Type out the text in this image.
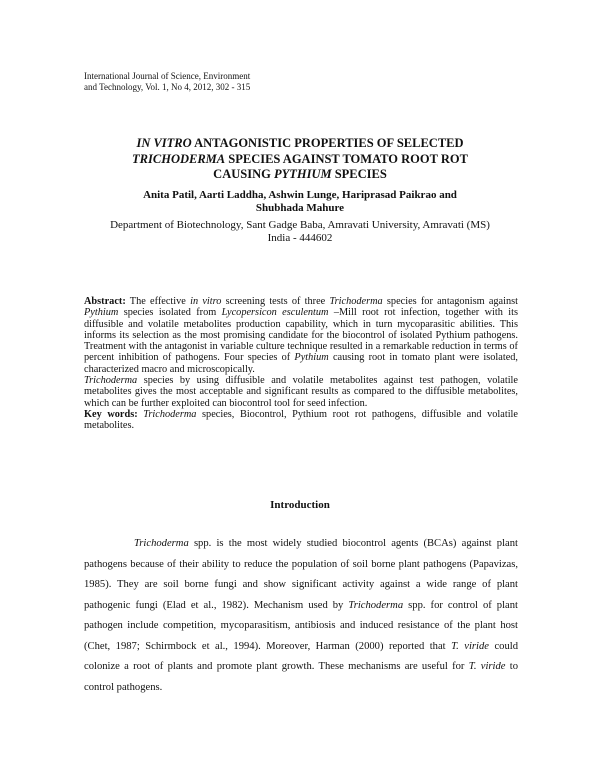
International Journal of Science, Environment
and Technology, Vol. 1, No 4, 2012, 302 - 315
IN VITRO ANTAGONISTIC PROPERTIES OF SELECTED
TRICHODERMA SPECIES AGAINST TOMATO ROOT ROT
CAUSING PYTHIUM SPECIES
Anita Patil, Aarti Laddha, Ashwin Lunge, Hariprasad Paikrao and
Shubhada Mahure
Department of Biotechnology, Sant Gadge Baba, Amravati University, Amravati (MS)
India - 444602

Abstract: The effective in vitro screening tests of three Trichoderma species for antagonism against Pythium species isolated from Lycopersicon esculentum –Mill root rot infection, together with its diffusible and volatile metabolites production capability, which in turn mycoparasitic abilities. This informs its selection as the most promising candidate for the biocontrol of isolated Pythium pathogens. Treatment with the antagonist in variable culture technique resulted in a remarkable reduction in terms of percent inhibition of pathogens. Four species of Pythium causing root in tomato plant were isolated, characterized macro and microscopically.

Trichoderma species by using diffusible and volatile metabolites against test pathogen, volatile metabolites gives the most acceptable and significant results as compared to the diffusible metabolites, which can be further exploited can biocontrol tool for seed infection.

Key words: Trichoderma species, Biocontrol, Pythium root rot pathogens, diffusible and volatile metabolites.

Introduction

Trichoderma spp. is the most widely studied biocontrol agents (BCAs) against plant pathogens because of their ability to reduce the population of soil borne plant pathogens (Papavizas, 1985). They are soil borne fungi and show significant activity against a wide range of plant pathogenic fungi (Elad et al., 1982). Mechanism used by Trichoderma spp. for control of plant pathogen include competition, mycoparasitism, antibiosis and induced resistance of the plant host (Chet, 1987; Schirmbock et al., 1994). Moreover, Harman (2000) reported that T. viride could colonize a root of plants and promote plant growth. These mechanisms are useful for T. viride to control pathogens.
